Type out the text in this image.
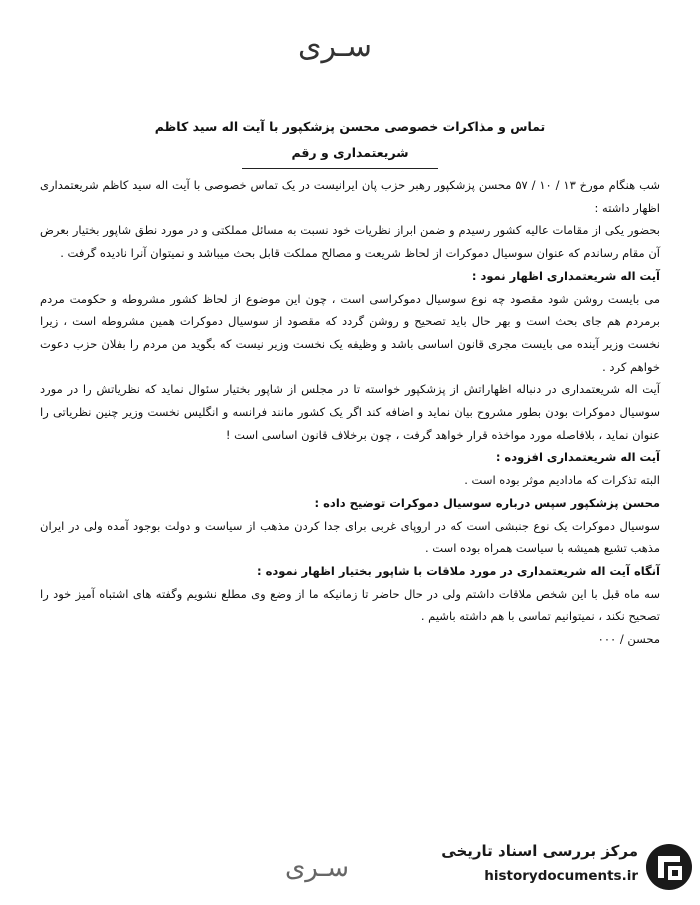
سـری
تماس و مذاکرات خصوصی محسن پزشکپور با آیت اله سید کاظم
شریعتمداری و رقم

شب هنگام مورخ ۱۳ / ۱۰ / ۵۷ محسن پزشکپور رهبر حزب پان ایرانیست در یک تماس خصوصی با آیت اله سید کاظم شریعتمداری اظهار داشته :

بحضور یکی از مقامات عالیه کشور رسیدم و ضمن ابراز نظریات خود نسبت به مسائل مملکتی و در مورد نطق شاپور بختیار بعرض آن مقام رساندم که عنوان سوسیال دموکرات از لحاظ شریعت و مصالح مملکت قابل بحث میباشد و نمیتوان آنرا نادیده گرفت .

آیت اله شریعتمداری اظهار نمود :

می بایست روشن شود مقصود چه نوع سوسیال دموکراسی است ، چون این موضوع از لحاظ کشور مشروطه و حکومت مردم برمردم هم جای بحث است و بهر حال باید تصحیح و روشن گردد که مقصود از سوسیال دموکرات همین مشروطه است ، زیرا نخست وزیر آینده می بایست مجری قانون اساسی باشد و وظیفه یک نخست وزیر نیست که بگوید من مردم را بفلان حزب دعوت خواهم کرد .

آیت اله شریعتمداری در دنباله اظهاراتش از پزشکپور خواسته تا در مجلس از شاپور بختیار سئوال نماید که نظریاتش را در مورد سوسیال دموکرات بودن بطور مشروح بیان نماید و اضافه کند اگر یک کشور مانند فرانسه و انگلیس نخست وزیر چنین نظریاتی را عنوان نماید ، بلافاصله مورد مواخذه قرار خواهد گرفت ، چون برخلاف قانون اساسی است !

آیت اله شریعتمداری افزوده :

البته تذکرات که مادادیم موثر بوده است .

محسن پزشکپور سپس درباره سوسیال دموکرات توضیح داده :

سوسیال دموکرات یک نوع جنبشی است که در اروپای غربی برای جدا کردن مذهب از سیاست و دولت بوجود آمده ولی در ایران مذهب تشیع همیشه با سیاست همراه بوده است .

آنگاه آیت اله شریعتمداری در مورد ملاقات با شاپور بختیار اظهار نموده :

سه ماه قبل با این شخص ملاقات داشتم ولی در حال حاضر تا زمانیکه ما از وضع وی مطلع نشویم وگفته های اشتباه آمیز خود را تصحیح نکند ، نمیتوانیم تماسی با هم داشته باشیم .

محسن / ۰۰۰

سـری
مرکز بررسی اسناد تاریخی
historydocuments.ir
